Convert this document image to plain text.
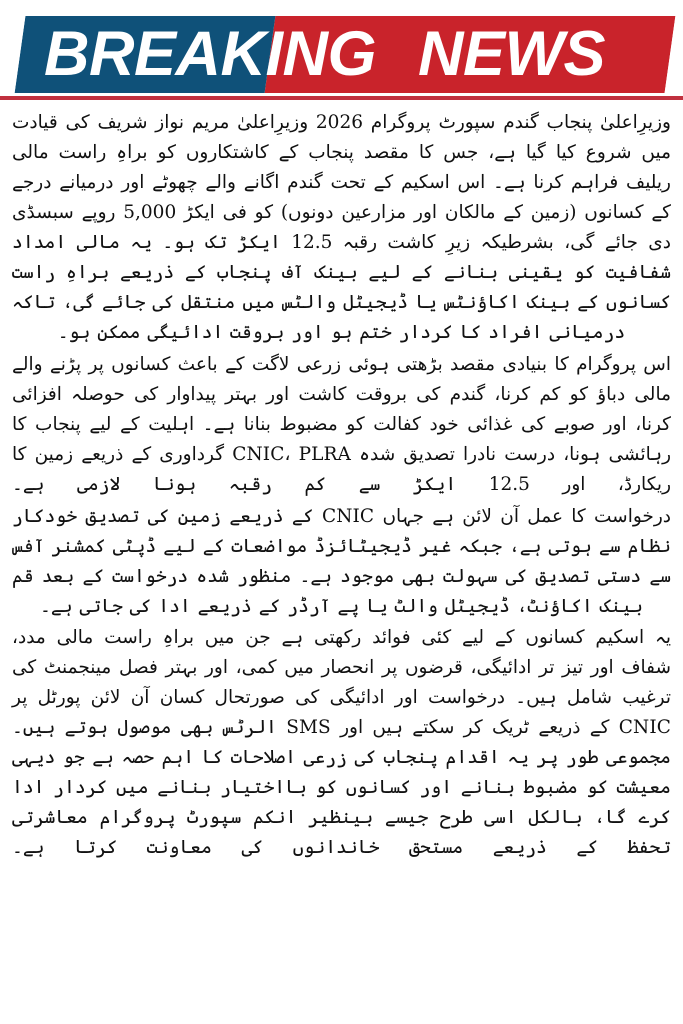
BREAKING NEWS

وزیرِاعلیٰ پنجاب گندم سپورٹ پروگرام 2026 وزیرِاعلیٰ مریم نواز شریف کی قیادت میں شروع کیا گیا ہے، جس کا مقصد پنجاب کے کاشتکاروں کو براہِ راست مالی ریلیف فراہم کرنا ہے۔ اس اسکیم کے تحت گندم اگانے والے چھوٹے اور درمیانے درجے کے کسانوں (زمین کے مالکان اور مزارعین دونوں) کو فی ایکڑ 5,000 روپے سبسڈی دی جائے گی، بشرطیکہ زیرِ کاشت رقبہ 12.5 ایکڑ تک ہو۔ یہ مالی امداد شفافیت کو یقینی بنانے کے لیے بینک آف پنجاب کے ذریعے براہِ راست کسانوں کے بینک اکاؤنٹس یا ڈیجیٹل والٹس میں منتقل کی جائے گی، تاکہ درمیانی افراد کا کردار ختم ہو اور بروقت ادائیگی ممکن ہو۔

اس پروگرام کا بنیادی مقصد بڑھتی ہوئی زرعی لاگت کے باعث کسانوں پر پڑنے والے مالی دباؤ کو کم کرنا، گندم کی بروقت کاشت اور بہتر پیداوار کی حوصلہ افزائی کرنا، اور صوبے کی غذائی خود کفالت کو مضبوط بنانا ہے۔ اہلیت کے لیے پنجاب کا رہائشی ہونا، درست نادرا تصدیق شدہ CNIC، PLRA گرداوری کے ذریعے زمین کا ریکارڈ، اور 12.5 ایکڑ سے کم رقبہ ہونا لازمی ہے۔

درخواست کا عمل آن لائن ہے جہاں CNIC کے ذریعے زمین کی تصدیق خودکار نظام سے ہوتی ہے، جبکہ غیر ڈیجیٹائزڈ مواضعات کے لیے ڈپٹی کمشنر آفس سے دستی تصدیق کی سہولت بھی موجود ہے۔ منظور شدہ درخواست کے بعد قم بینک اکاؤنٹ، ڈیجیٹل والٹ یا پے آرڈر کے ذریعے ادا کی جاتی ہے۔

یہ اسکیم کسانوں کے لیے کئی فوائد رکھتی ہے جن میں براہِ راست مالی مدد، شفاف اور تیز تر ادائیگی، قرضوں پر انحصار میں کمی، اور بہتر فصل مینجمنٹ کی ترغیب شامل ہیں۔ درخواست اور ادائیگی کی صورتحال کسان آن لائن پورٹل پر CNIC کے ذریعے ٹریک کر سکتے ہیں اور SMS الرٹس بھی موصول ہوتے ہیں۔ مجموعی طور پر یہ اقدام پنجاب کی زرعی اصلاحات کا اہم حصہ ہے جو دیہی معیشت کو مضبوط بنانے اور کسانوں کو بااختیار بنانے میں کردار ادا کرے گا، بالکل اسی طرح جیسے بینظیر انکم سپورٹ پروگرام معاشرتی تحفظ کے ذریعے مستحق خاندانوں کی معاونت کرتا ہے۔
